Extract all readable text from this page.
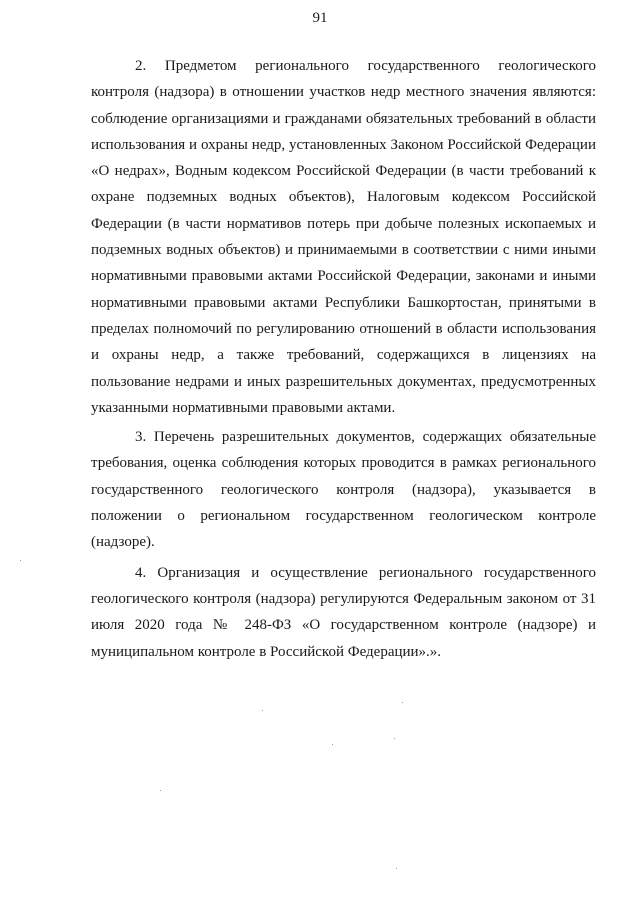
91

2. Предметом регионального государственного геологического контроля (надзора) в отношении участков недр местного значения являются: соблюдение организациями и гражданами обязательных требований в области использования и охраны недр, установленных Законом Российской Федерации «О недрах», Водным кодексом Российской Федерации (в части требований к охране подземных водных объектов), Налоговым кодексом Российской Федерации (в части нормативов потерь при добыче полезных ископаемых и подземных водных объектов) и принимаемыми в соответствии с ними иными нормативными правовыми актами Российской Федерации, законами и иными нормативными правовыми актами Республики Башкортостан, принятыми в пределах полномочий по регулированию отношений в области использования и охраны недр, а также требований, содержащихся в лицензиях на пользование недрами и иных разрешительных документах, предусмотренных указанными нормативными правовыми актами.

3. Перечень разрешительных документов, содержащих обязательные требования, оценка соблюдения которых проводится в рамках регионального государственного геологического контроля (надзора), указывается в положении о региональном государственном геологическом контроле (надзоре).

4. Организация и осуществление регионального государственного геологического контроля (надзора) регулируются Федеральным законом от 31 июля 2020 года № 248-ФЗ «О государственном контроле (надзоре) и муниципальном контроле в Российской Федерации».».
